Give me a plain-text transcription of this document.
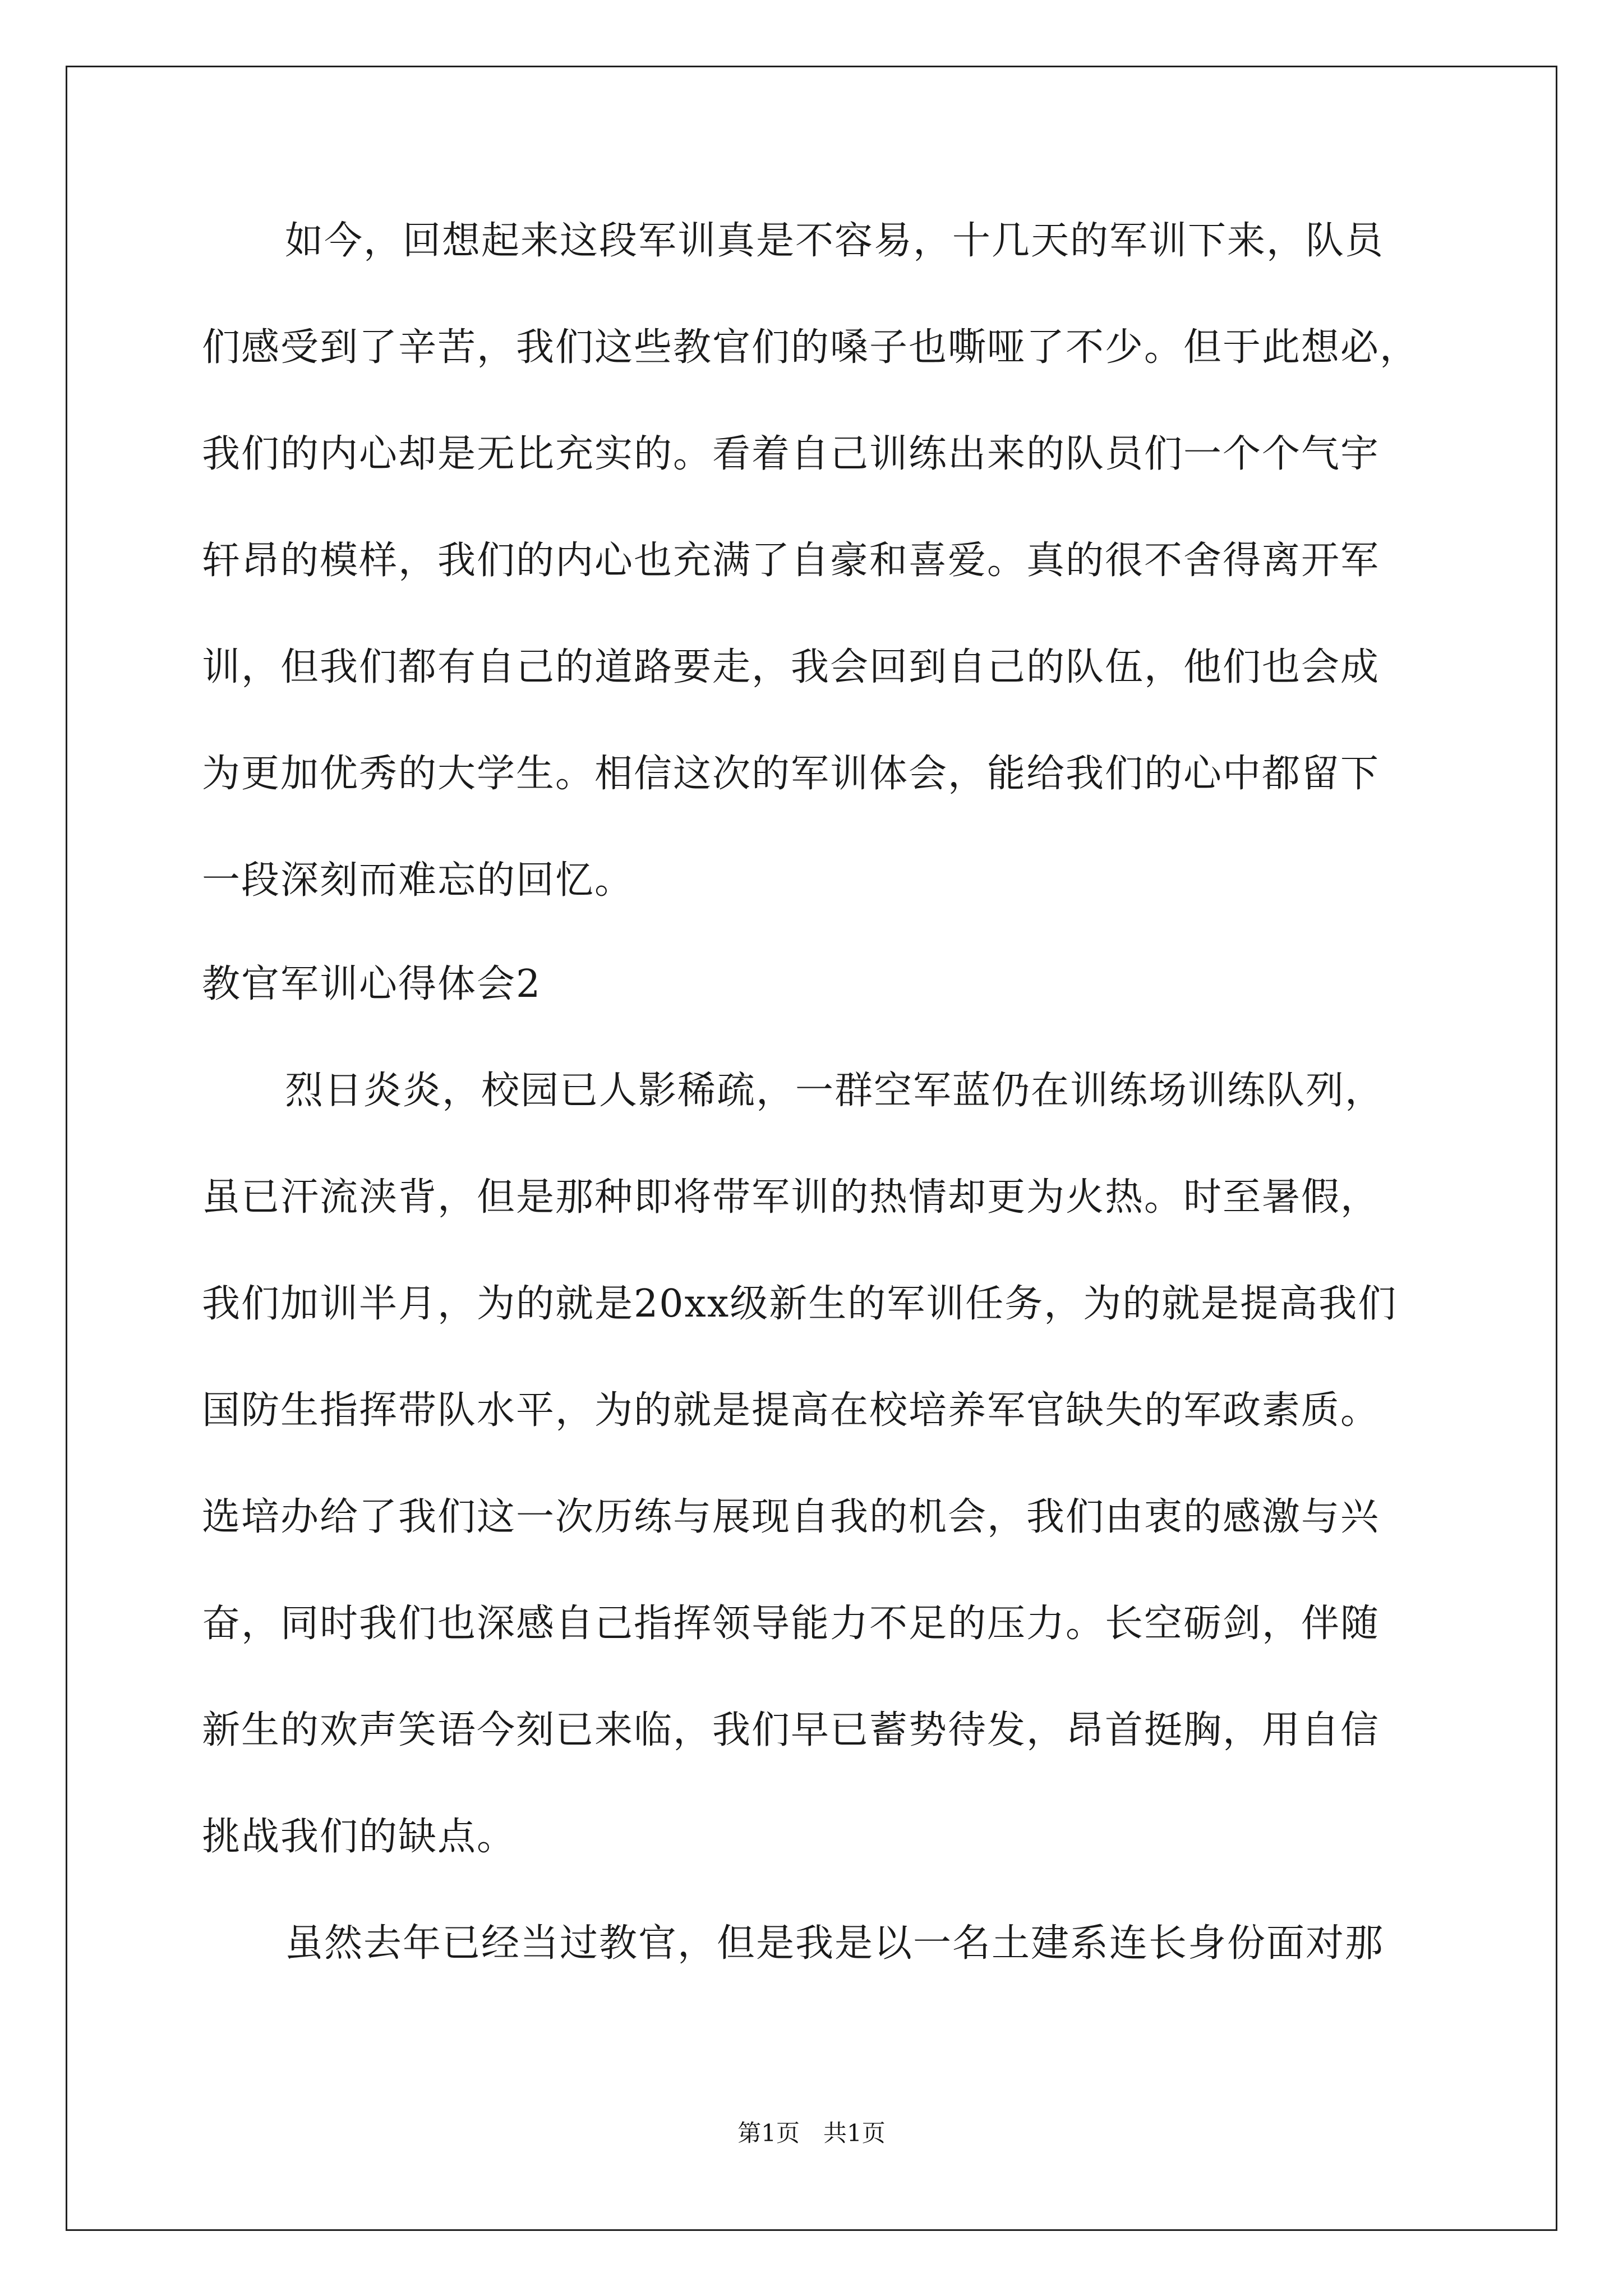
如今，回想起来这段军训真是不容易，十几天的军训下来，队员
们感受到了辛苦，我们这些教官们的嗓子也嘶哑了不少。但于此想必，
我们的内心却是无比充实的。看着自己训练出来的队员们一个个气宇
轩昂的模样，我们的内心也充满了自豪和喜爱。真的很不舍得离开军
训，但我们都有自己的道路要走，我会回到自己的队伍，他们也会成
为更加优秀的大学生。相信这次的军训体会，能给我们的心中都留下
一段深刻而难忘的回忆。
教官军训心得体会2
烈日炎炎，校园已人影稀疏，一群空军蓝仍在训练场训练队列，
虽已汗流浃背，但是那种即将带军训的热情却更为火热。时至暑假，
我们加训半月，为的就是20xx级新生的军训任务，为的就是提高我们
国防生指挥带队水平，为的就是提高在校培养军官缺失的军政素质。
选培办给了我们这一次历练与展现自我的机会，我们由衷的感激与兴
奋，同时我们也深感自己指挥领导能力不足的压力。长空砺剑，伴随
新生的欢声笑语今刻已来临，我们早已蓄势待发，昂首挺胸，用自信
挑战我们的缺点。
虽然去年已经当过教官，但是我是以一名土建系连长身份面对那
第1页　共1页
